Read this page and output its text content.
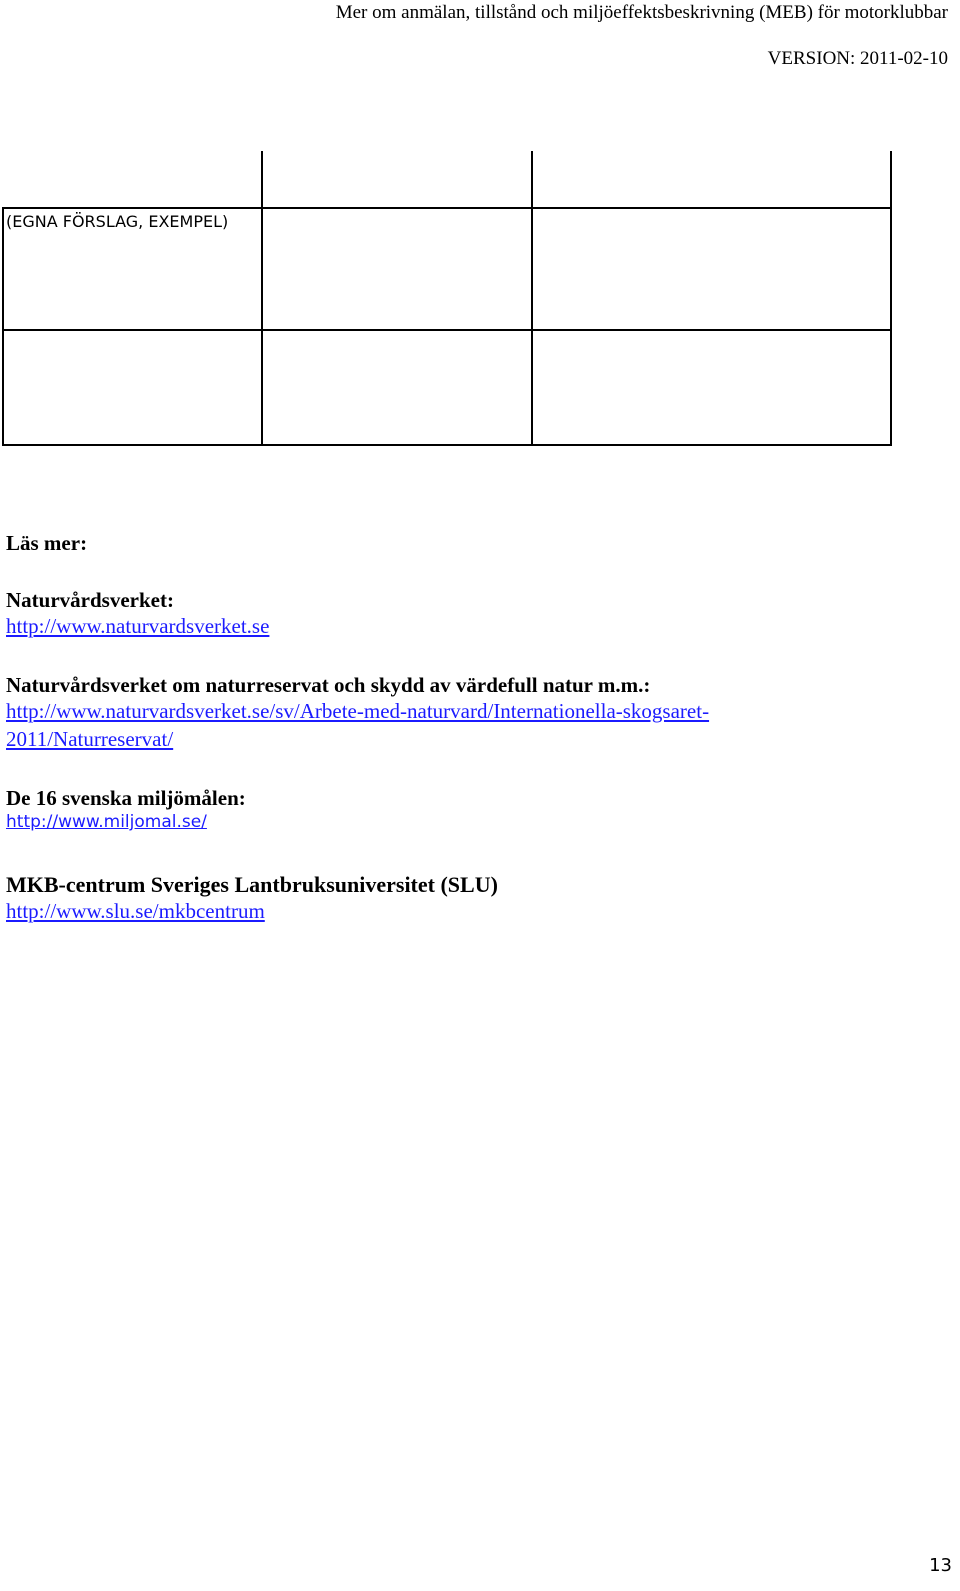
Mer om anmälan, tillstånd och miljöeffektsbeskrivning (MEB) för motorklubbar
VERSION: 2011-02-10
(EGNA FÖRSLAG, EXEMPEL)

Läs mer:

Naturvårdsverket:

http://www.naturvardsverket.se

Naturvårdsverket om naturreservat och skydd av värdefull natur m.m.:

http://www.naturvardsverket.se/sv/Arbete-med-naturvard/Internationella-skogsaret-
2011/Naturreservat/

De 16 svenska miljömålen:

http://www.miljomal.se/

MKB-centrum Sveriges Lantbruksuniversitet (SLU)

http://www.slu.se/mkbcentrum
13
